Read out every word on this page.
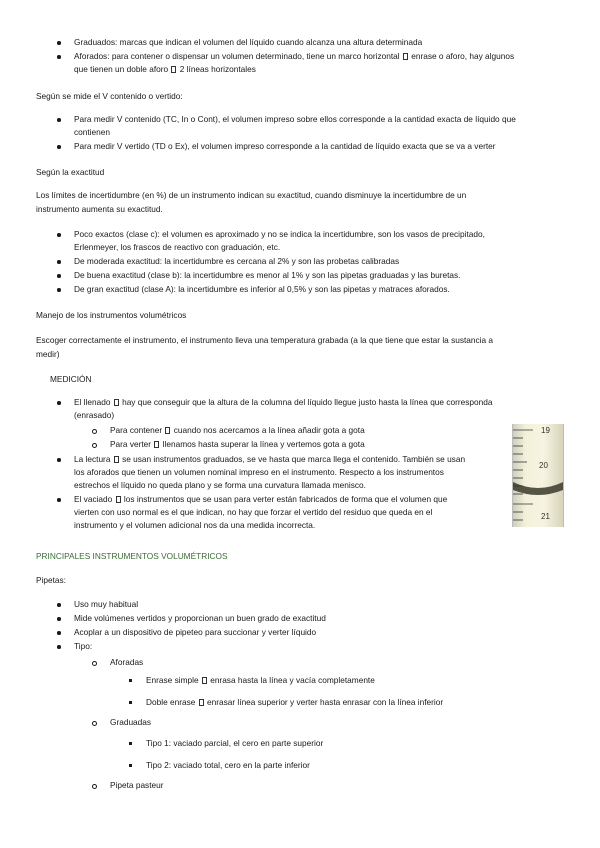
Graduados: marcas que indican el volumen del líquido cuando alcanza una altura determinada
Aforados: para contener o dispensar un volumen determinado, tiene un marco horizontal enrase o aforo, hay algunos
que tienen un doble aforo 2 líneas horizontales
Según se mide el V contenido o vertido:
Para medir V contenido (TC, In o Cont), el volumen impreso sobre ellos corresponde a la cantidad exacta de líquido que
contienen
Para medir V vertido (TD o Ex), el volumen impreso corresponde a la cantidad de líquido exacta que se va a verter
Según la exactitud
Los límites de incertidumbre (en %) de un instrumento indican su exactitud, cuando disminuye la incertidumbre de un
instrumento aumenta su exactitud.
Poco exactos (clase c): el volumen es aproximado y no se indica la incertidumbre, son los vasos de precipitado,
Erlenmeyer, los frascos de reactivo con graduación, etc.
De moderada exactitud: la incertidumbre es cercana al 2% y son las probetas calibradas
De buena exactitud (clase b): la incertidumbre es menor al 1% y son las pipetas graduadas y las buretas.
De gran exactitud (clase A): la incertidumbre es inferior al 0,5% y son las pipetas y matraces aforados.
Manejo de los instrumentos volumétricos
Escoger correctamente el instrumento, el instrumento lleva una temperatura grabada (a la que tiene que estar la sustancia a
medir)
MEDICIÓN
El llenado hay que conseguir que la altura de la columna del líquido llegue justo hasta la línea que corresponda
(enrasado)
Para contener cuando nos acercamos a la línea añadir gota a gota
Para verter llenamos hasta superar la línea y vertemos gota a gota
La lectura se usan instrumentos graduados, se ve hasta que marca llega el contenido. También se usan
los aforados que tienen un volumen nominal impreso en el instrumento. Respecto a los instrumentos
estrechos el líquido no queda plano y se forma una curvatura llamada menisco.
El vaciado los instrumentos que se usan para verter están fabricados de forma que el volumen que
vierten con uso normal es el que indican, no hay que forzar el vertido del residuo que queda en el
instrumento y el volumen adicional nos da una medida incorrecta.
19
20
21
PRINCIPALES INSTRUMENTOS VOLUMÉTRICOS
Pipetas:
Uso muy habitual
Mide volúmenes vertidos y proporcionan un buen grado de exactitud
Acoplar a un dispositivo de pipeteo para succionar y verter líquido
Tipo:
Aforadas
Enrase simple enrasa hasta la línea y vacía completamente
Doble enrase enrasar línea superior y verter hasta enrasar con la línea inferior
Graduadas
Tipo 1: vaciado parcial, el cero en parte superior
Tipo 2: vaciado total, cero en la parte inferior
Pipeta pasteur
